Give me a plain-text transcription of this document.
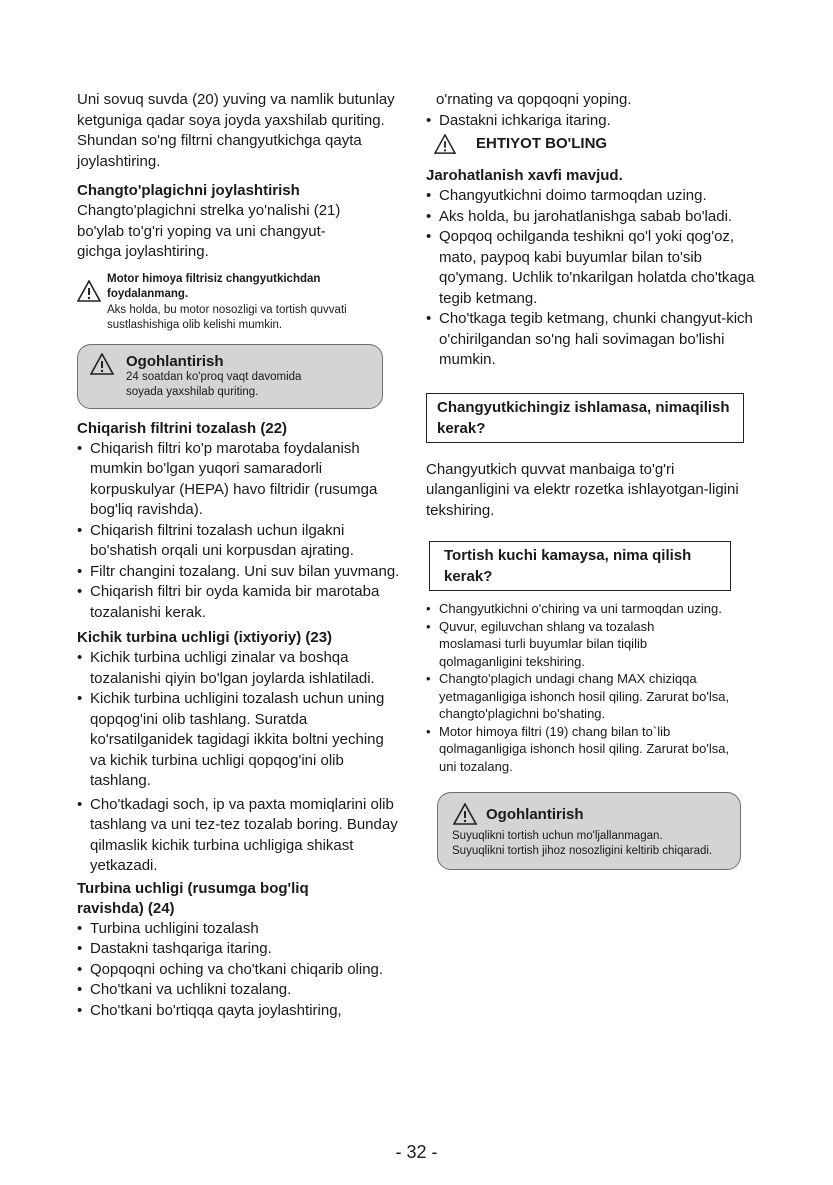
Uni sovuq suvda (20) yuving va namlik butunlay ketguniga qadar soya joyda yaxshilab quriting.

Shundan so'ng filtrni changyutkichga qayta joylashtiring.

Changto'plagichni joylashtirish

Changto'plagichni strelka yo'nalishi (21) bo'ylab to'g'ri yoping va uni changyut-gichga joylashtiring.

Motor himoya filtrisiz changyutkichdan foydalanmang.
Aks holda, bu motor nosozligi va tortish quvvati sustlashishiga olib kelishi mumkin.
Ogohlantirish
24 soatdan ko'proq vaqt davomida soyada yaxshilab quriting.
Chiqarish filtrini tozalash (22)
• Chiqarish filtri ko'p marotaba foydalanish mumkin bo'lgan yuqori samaradorli korpuskulyar (HEPA) havo filtridir (rusumga bog'liq ravishda).
• Chiqarish filtrini tozalash uchun ilgakni bo'shatish orqali uni korpusdan ajrating.
• Filtr changini tozalang. Uni suv bilan yuvmang.
• Chiqarish filtri bir oyda kamida bir marotaba tozalanishi kerak.
Kichik turbina uchligi (ixtiyoriy) (23)
• Kichik turbina uchligi zinalar va boshqa tozalanishi qiyin bo'lgan joylarda ishlatiladi.
• Kichik turbina uchligini tozalash uchun uning qopqog'ini olib tashlang. Suratda ko'rsatilganidek tagidagi ikkita boltni yeching va kichik turbina uchligi qopqog'ini olib tashlang.
• Cho'tkadagi soch, ip va paxta momiqlarini olib tashlang va uni tez-tez tozalab boring. Bunday qilmaslik kichik turbina uchligiga shikast yetkazadi.
Turbina uchligi (rusumga bog'liq ravishda) (24)
• Turbina uchligini tozalash
• Dastakni tashqariga itaring.
• Qopqoqni oching va cho'tkani chiqarib oling.
• Cho'tkani va uchlikni tozalang.
• Cho'tkani bo'rtiqqa qayta joylashtiring,

o'rnating va qopqoqni yoping.

• Dastakni ichkariga itaring.
EHTIYOT BO'LING
Jarohatlanish xavfi mavjud.
• Changyutkichni doimo tarmoqdan uzing.
• Aks holda, bu jarohatlanishga sabab bo'ladi.
• Qopqoq ochilganda teshikni qo'l yoki qog'oz, mato, paypoq kabi buyumlar bilan to'sib qo'ymang. Uchlik to'nkarilgan holatda cho'tkaga tegib ketmang.
• Cho'tkaga tegib ketmang, chunki changyut-kich o'chirilgandan so'ng hali sovimagan bo'lishi mumkin.
Changyutkichingiz ishlamasa, nimaqilish kerak?

Changyutkich quvvat manbaiga to'g'ri ulanganligini va elektr rozetka ishlayotgan-ligini tekshiring.

Tortish kuchi kamaysa, nima qilish kerak?
• Changyutkichni o'chiring va uni tarmoqdan uzing.
• Quvur, egiluvchan shlang va tozalash moslamasi turli buyumlar bilan tiqilib qolmaganligini tekshiring.
• Changto'plagich undagi chang MAX chiziqqa yetmaganligiga ishonch hosil qiling. Zarurat bo'lsa, changto'plagichni bo'shating.
• Motor himoya filtri (19) chang bilan to`lib qolmaganligiga ishonch hosil qiling. Zarurat bo'lsa, uni tozalang.
Ogohlantirish
Suyuqlikni tortish uchun mo'ljallanmagan.
Suyuqlikni tortish jihoz nosozligini keltirib chiqaradi.
- 32 -
